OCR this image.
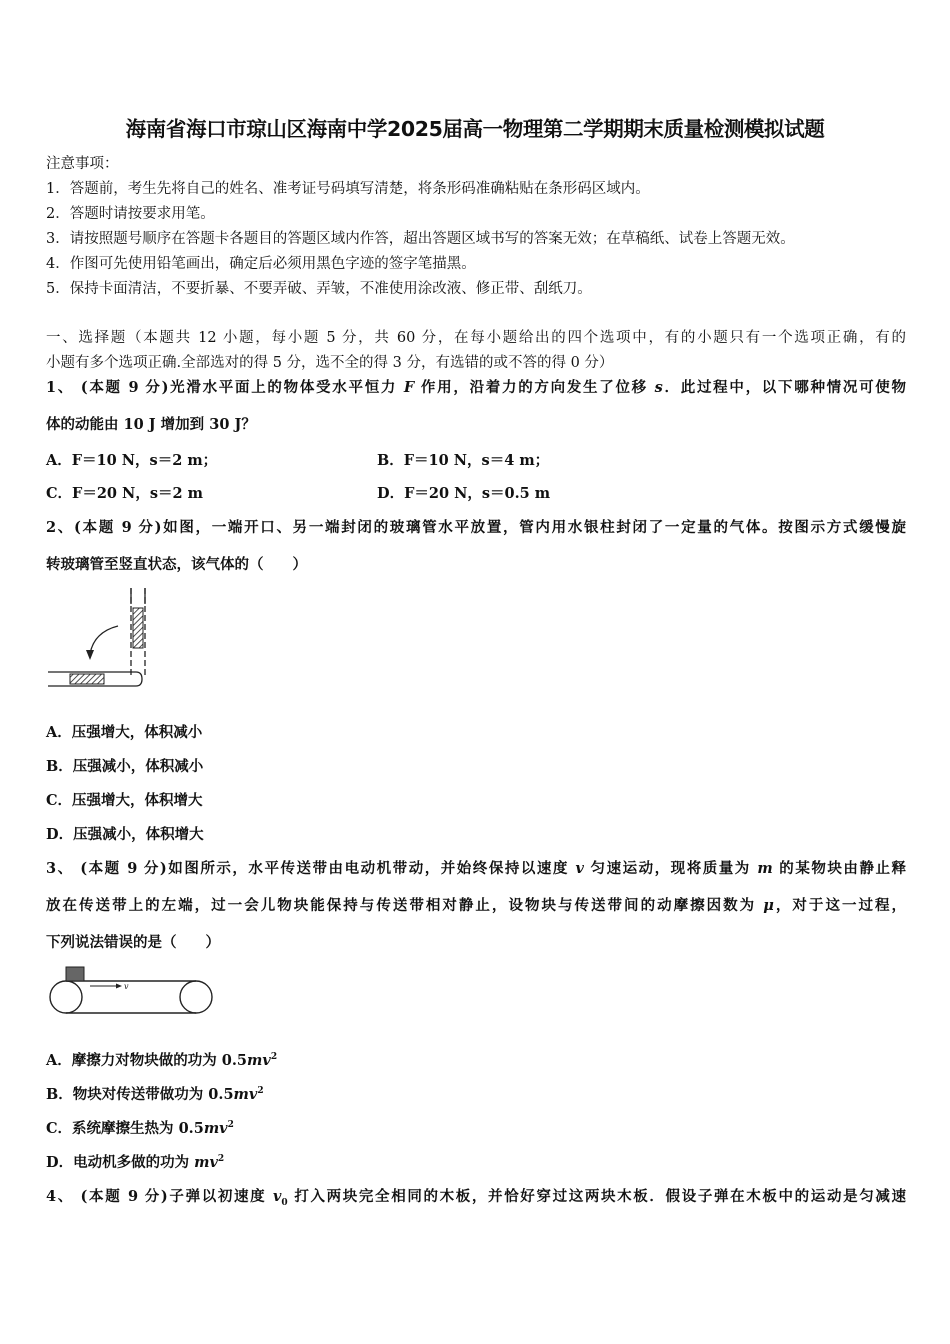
海南省海口市琼山区海南中学2025届高一物理第二学期期末质量检测模拟试题
注意事项：
1．答题前，考生先将自己的姓名、准考证号码填写清楚，将条形码准确粘贴在条形码区域内。
2．答题时请按要求用笔。
3．请按照题号顺序在答题卡各题目的答题区域内作答，超出答题区域书写的答案无效；在草稿纸、试卷上答题无效。
4．作图可先使用铅笔画出，确定后必须用黑色字迹的签字笔描黑。
5．保持卡面清洁，不要折暴、不要弄破、弄皱，不准使用涂改液、修正带、刮纸刀。
一、选择题（本题共 12 小题，每小题 5 分，共 60 分，在每小题给出的四个选项中，有的小题只有一个选项正确，有的
小题有多个选项正确.全部选对的得 5 分，选不全的得 3 分，有选错的或不答的得 0 分）
1、 (本题 9 分)光滑水平面上的物体受水平恒力 F 作用，沿着力的方向发生了位移 s．此过程中，以下哪种情况可使物
体的动能由 10 J 增加到 30 J？
A．F＝10 N，s＝2 m；	B．F＝10 N，s＝4 m；
C．F＝20 N，s＝2 m	D．F＝20 N，s＝0.5 m
2、(本题 9 分)如图，一端开口、另一端封闭的玻璃管水平放置，管内用水银柱封闭了一定量的气体。按图示方式缓慢旋
转玻璃管至竖直状态，该气体的（　　）
A．压强增大，体积减小
B．压强减小，体积减小
C．压强增大，体积增大
D．压强减小，体积增大
3、 (本题 9 分)如图所示，水平传送带由电动机带动，并始终保持以速度 v 匀速运动，现将质量为 m 的某物块由静止释
放在传送带上的左端，过一会儿物块能保持与传送带相对静止，设物块与传送带间的动摩擦因数为 μ，对于这一过程，
下列说法错误的是（　　）
v
A．摩擦力对物块做的功为 $0.5mv^2$
B．物块对传送带做功为 $0.5mv^2$
C．系统摩擦生热为 $0.5mv^2$
D．电动机多做的功为 $mv^2$
4、 (本题 9 分)子弹以初速度 $v_0$ 打入两块完全相同的木板，并恰好穿过这两块木板．假设子弹在木板中的运动是匀减速
